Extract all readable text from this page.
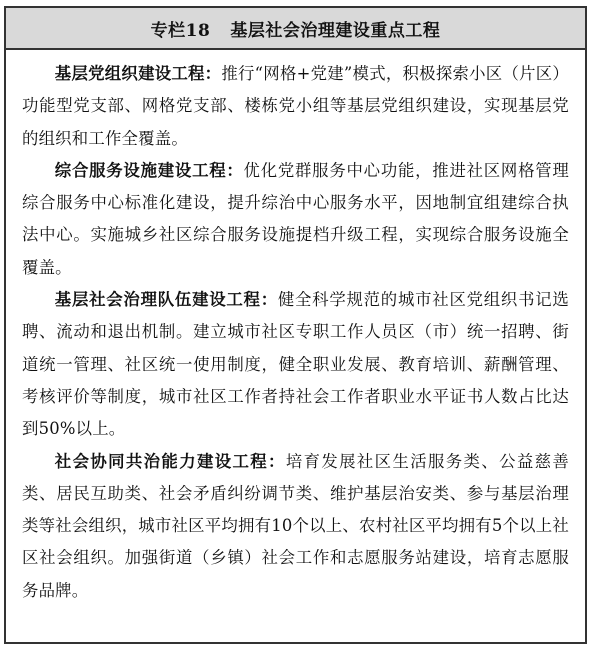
专栏18 基层社会治理建设重点工程

基层党组织建设工程：推行“网格+党建”模式，积极探索小区（片区）功能型党支部、网格党支部、楼栋党小组等基层党组织建设，实现基层党的组织和工作全覆盖。

综合服务设施建设工程：优化党群服务中心功能，推进社区网格管理综合服务中心标准化建设，提升综治中心服务水平，因地制宜组建综合执法中心。实施城乡社区综合服务设施提档升级工程，实现综合服务设施全覆盖。

基层社会治理队伍建设工程：健全科学规范的城市社区党组织书记选聘、流动和退出机制。建立城市社区专职工作人员区（市）统一招聘、街道统一管理、社区统一使用制度，健全职业发展、教育培训、薪酬管理、考核评价等制度，城市社区工作者持社会工作者职业水平证书人数占比达到50%以上。

社会协同共治能力建设工程：培育发展社区生活服务类、公益慈善类、居民互助类、社会矛盾纠纷调节类、维护基层治安类、参与基层治理类等社会组织，城市社区平均拥有10个以上、农村社区平均拥有5个以上社区社会组织。加强街道（乡镇）社会工作和志愿服务站建设，培育志愿服务品牌。
